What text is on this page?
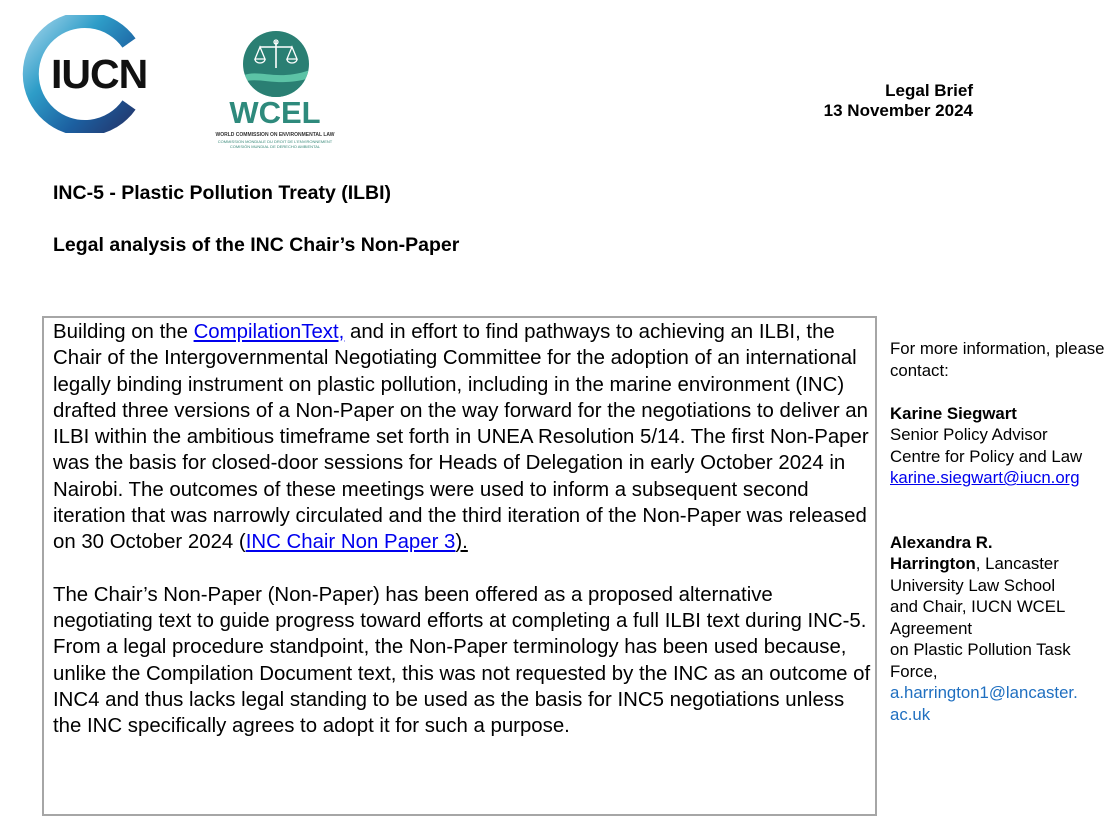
IUCN
WCEL
WORLD COMMISSION ON ENVIRONMENTAL LAW
COMMISSION MONDIALE DU DROIT DE L'ENVIRONNEMENT
COMISIÓN MUNDIAL DE DERECHO AMBIENTAL
Legal Brief
13 November 2024
INC-5 - Plastic Pollution Treaty (ILBI)
Legal analysis of the INC Chair’s Non-Paper

Building on the CompilationText, and in effort to find pathways to achieving an ILBI, the Chair of the Intergovernmental Negotiating Committee for the adoption of an international legally binding instrument on plastic pollution, including in the marine environment (INC) drafted three versions of a Non-Paper on the way forward for the negotiations to deliver an ILBI within the ambitious timeframe set forth in UNEA Resolution 5/14. The first Non-Paper was the basis for closed-door sessions for Heads of Delegation in early October 2024 in Nairobi. The outcomes of these meetings were used to inform a subsequent second iteration that was narrowly circulated and the third iteration of the Non-Paper was released on 30 October 2024 (INC Chair Non Paper 3).

The Chair’s Non-Paper (Non-Paper) has been offered as a proposed alternative negotiating text to guide progress toward efforts at completing a full ILBI text during INC-5. From a legal procedure standpoint, the Non-Paper terminology has been used because, unlike the Compilation Document text, this was not requested by the INC as an outcome of INC4 and thus lacks legal standing to be used as the basis for INC5 negotiations unless the INC specifically agrees to adopt it for such a purpose.

For more information, please contact:

Karine Siegwart
Senior Policy Advisor
Centre for Policy and Law
karine.siegwart@iucn.org
Alexandra R.
Harrington, Lancaster
University Law School
and Chair, IUCN WCEL
Agreement
on Plastic Pollution Task
Force,
a.harrington1@lancaster.
ac.uk
